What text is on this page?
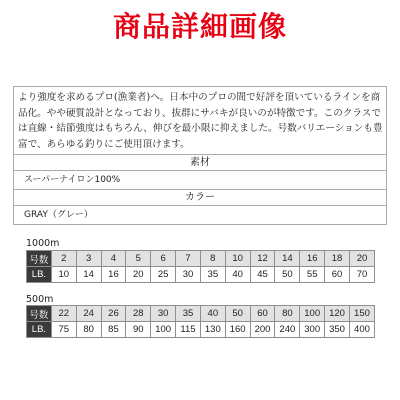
商品詳細画像
より強度を求めるプロ(漁業者)へ。日本中のプロの間で好評を頂いているラインを商品化。やや硬質設計となっており、抜群にサバキが良いのが特徴です。このクラスでは直線・結節強度はもちろん、伸びを最小限に抑えました。号数バリエーションも豊富で、あらゆる釣りにご使用頂けます。
素材
スーパーナイロン100%
カラー
GRAY（グレー）
1000m
号数	2	3	4	5	6	7	8	10	12	14	16	18	20
LB.	10	14	16	20	25	30	35	40	45	50	55	60	70
500m
号数	22	24	26	28	30	35	40	50	60	80	100	120	150
LB.	75	80	85	90	100	115	130	160	200	240	300	350	400
